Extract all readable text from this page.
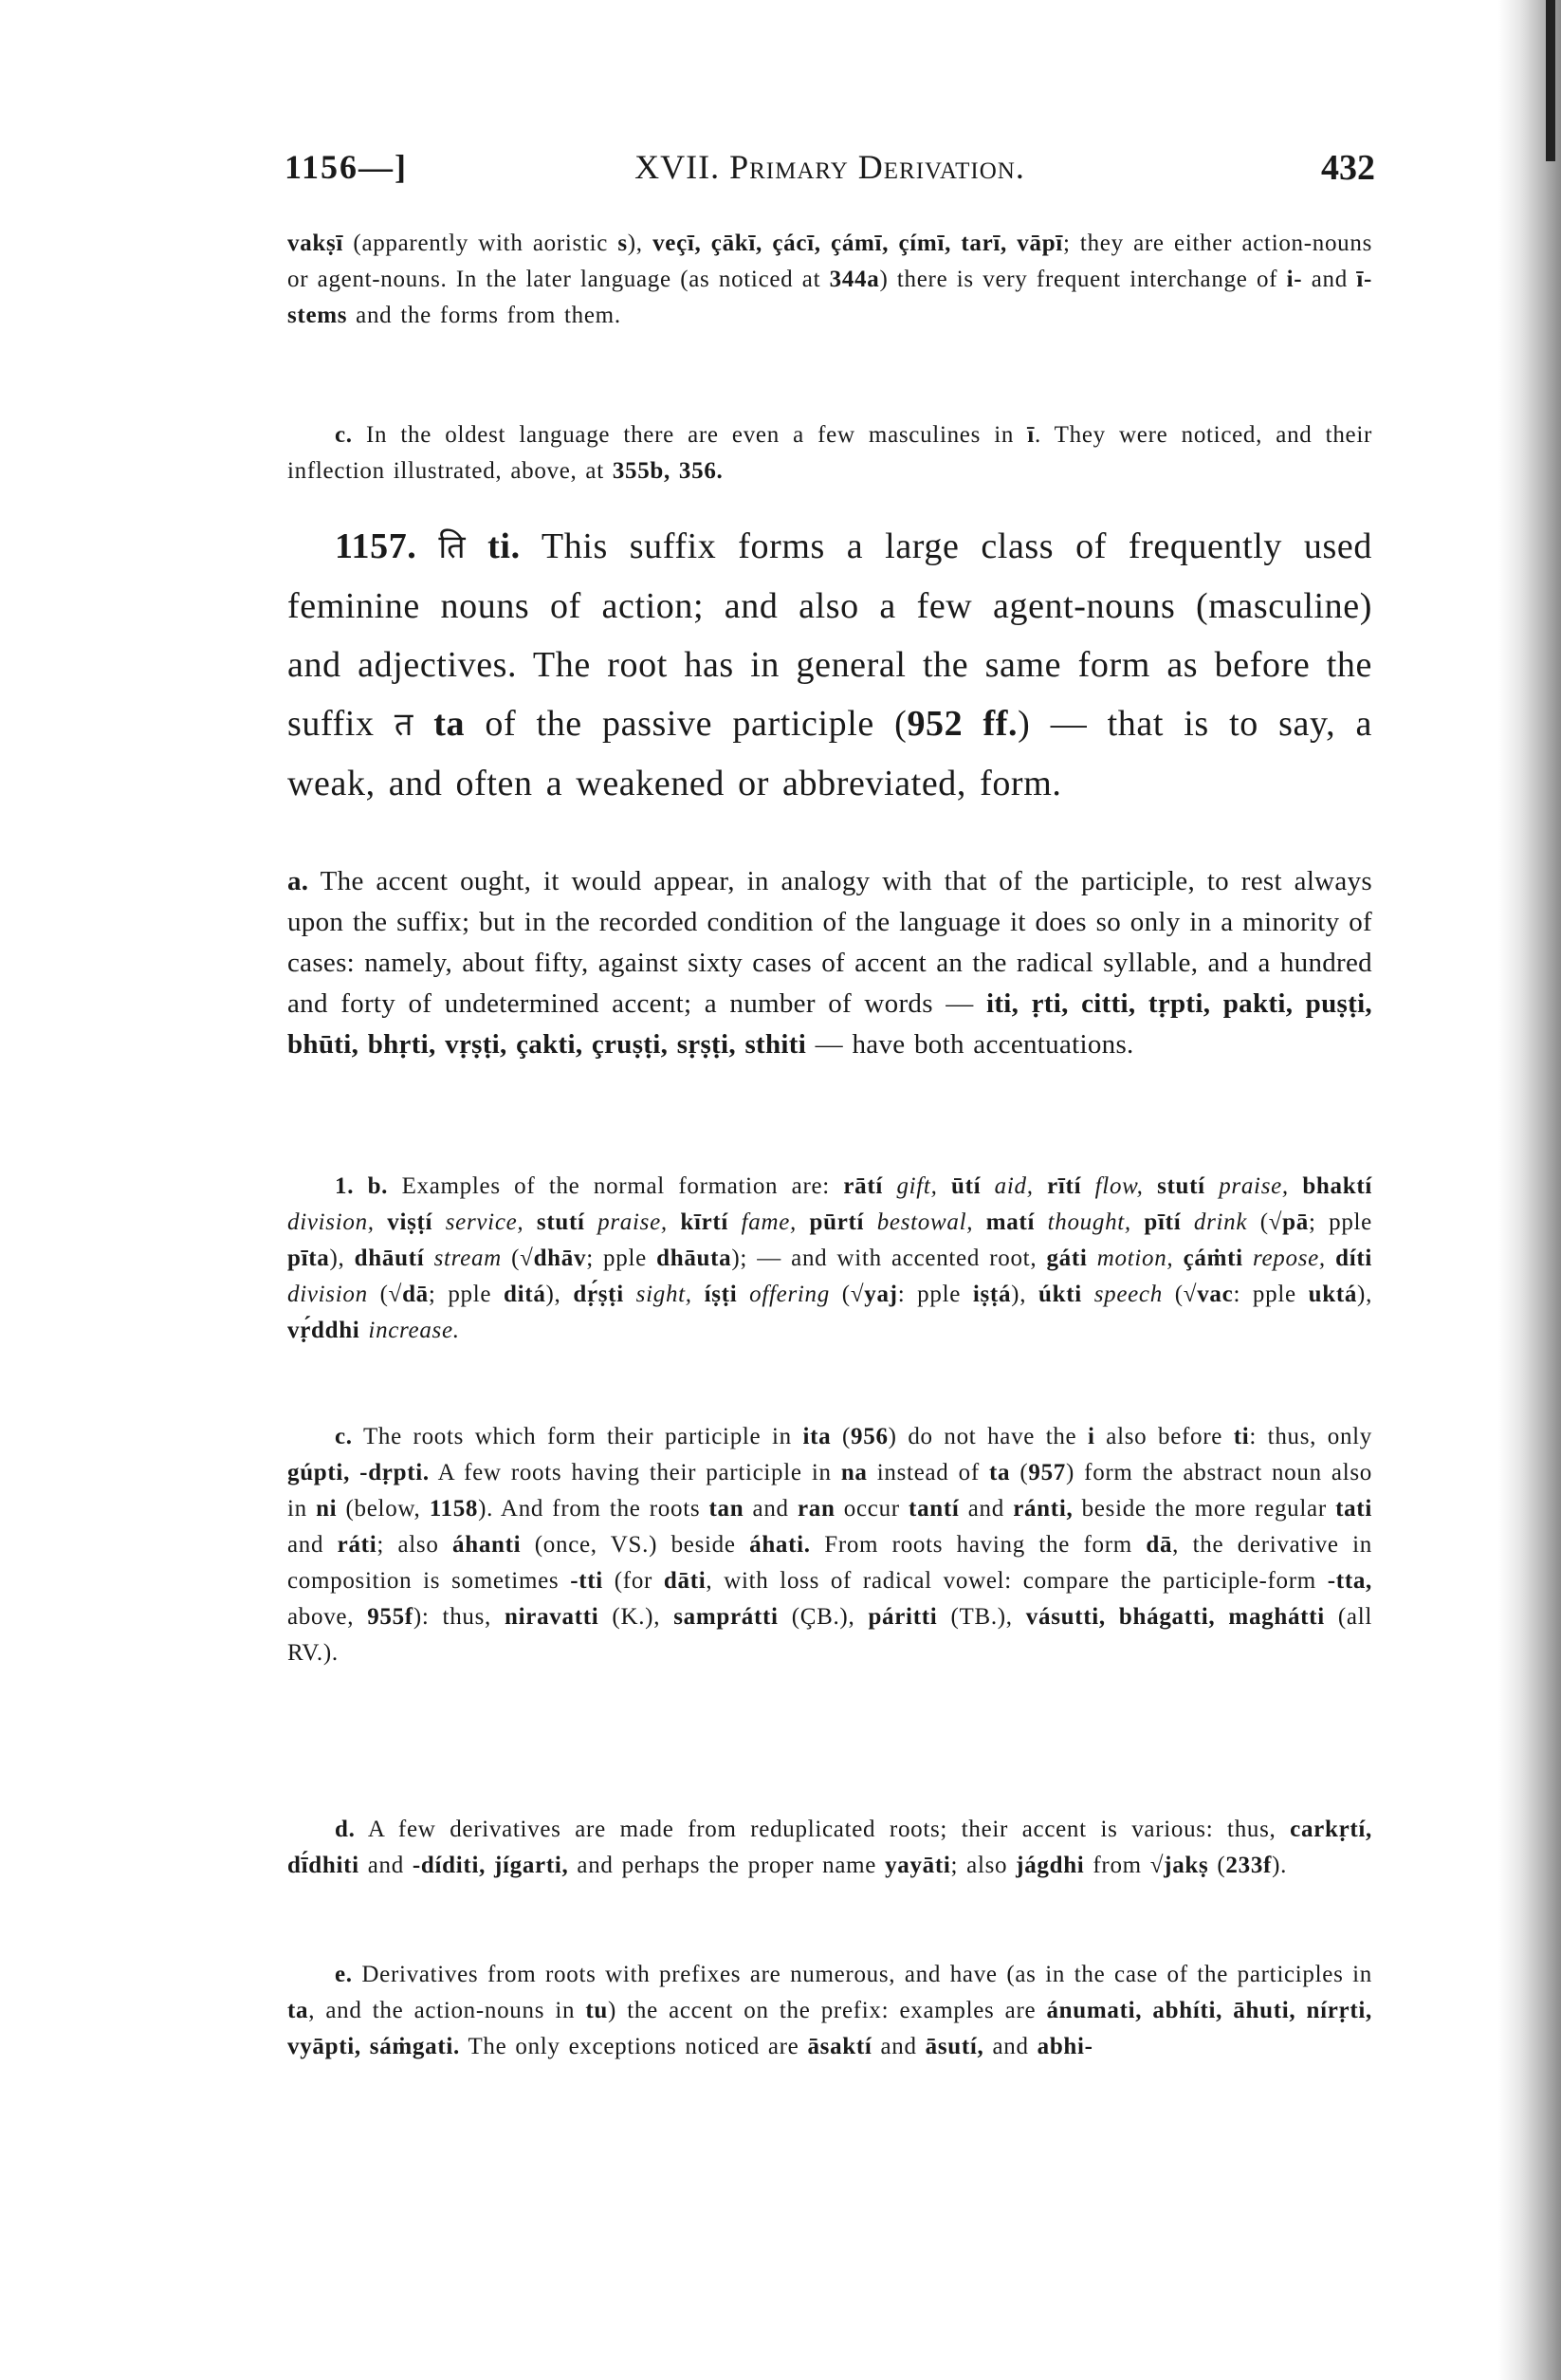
1156—]	XVII. Primary Derivation.	432

vakṣī (apparently with aoristic s), veçī, çākī, çácī, çámī, çímī, tarī, vāpī; they are either action-nouns or agent-nouns. In the later language (as noticed at 344a) there is very frequent interchange of i- and ī-stems and the forms from them.

c. In the oldest language there are even a few masculines in ī. They were noticed, and their inflection illustrated, above, at 355b, 356.

1157. ति ti. This suffix forms a large class of frequently used feminine nouns of action; and also a few agent-nouns (masculine) and adjectives. The root has in general the same form as before the suffix त ta of the passive participle (952 ff.) — that is to say, a weak, and often a weakened or abbreviated, form.

a. The accent ought, it would appear, in analogy with that of the participle, to rest always upon the suffix; but in the recorded condition of the language it does so only in a minority of cases: namely, about fifty, against sixty cases of accent an the radical syllable, and a hundred and forty of undetermined accent; a number of words — iti, ṛti, citti, tṛpti, pakti, puṣṭi, bhūti, bhṛti, vṛṣṭi, çakti, çruṣṭi, sṛṣṭi, sthiti — have both accentuations.

1. b. Examples of the normal formation are: rātí gift, ūtí aid, rītí flow, stutí praise, bhaktí division, viṣṭí service, stutí praise, kīrtí fame, pūrtí bestowal, matí thought, pītí drink (√pā; pple pīta), dhāutí stream (√dhāv; pple dhāuta); — and with accented root, gáti motion, çáṁti repose, díti division (√dā; pple ditá), dṛ́ṣṭi sight, íṣṭi offering (√yaj: pple iṣṭá), úkti speech (√vac: pple uktá), vṛ́ddhi increase.

c. The roots which form their participle in ita (956) do not have the i also before ti: thus, only gúpti, -dṛpti. A few roots having their participle in na instead of ta (957) form the abstract noun also in ni (below, 1158). And from the roots tan and ran occur tantí and ránti, beside the more regular tati and ráti; also áhanti (once, VS.) beside áhati. From roots having the form dā, the derivative in composition is sometimes -tti (for dāti, with loss of radical vowel: compare the participle-form -tta, above, 955f): thus, niravatti (K.), samprátti (ÇB.), páritti (TB.), vásutti, bhágatti, maghátti (all RV.).

d. A few derivatives are made from reduplicated roots; their accent is various: thus, carkṛtí, dī́dhiti and -díditi, jígarti, and perhaps the proper name yayāti; also jágdhi from √jakṣ (233f).

e. Derivatives from roots with prefixes are numerous, and have (as in the case of the participles in ta, and the action-nouns in tu) the accent on the prefix: examples are ánumati, abhíti, āhuti, nírṛti, vyāpti, sáṁgati. The only exceptions noticed are āsaktí and āsutí, and abhi-
